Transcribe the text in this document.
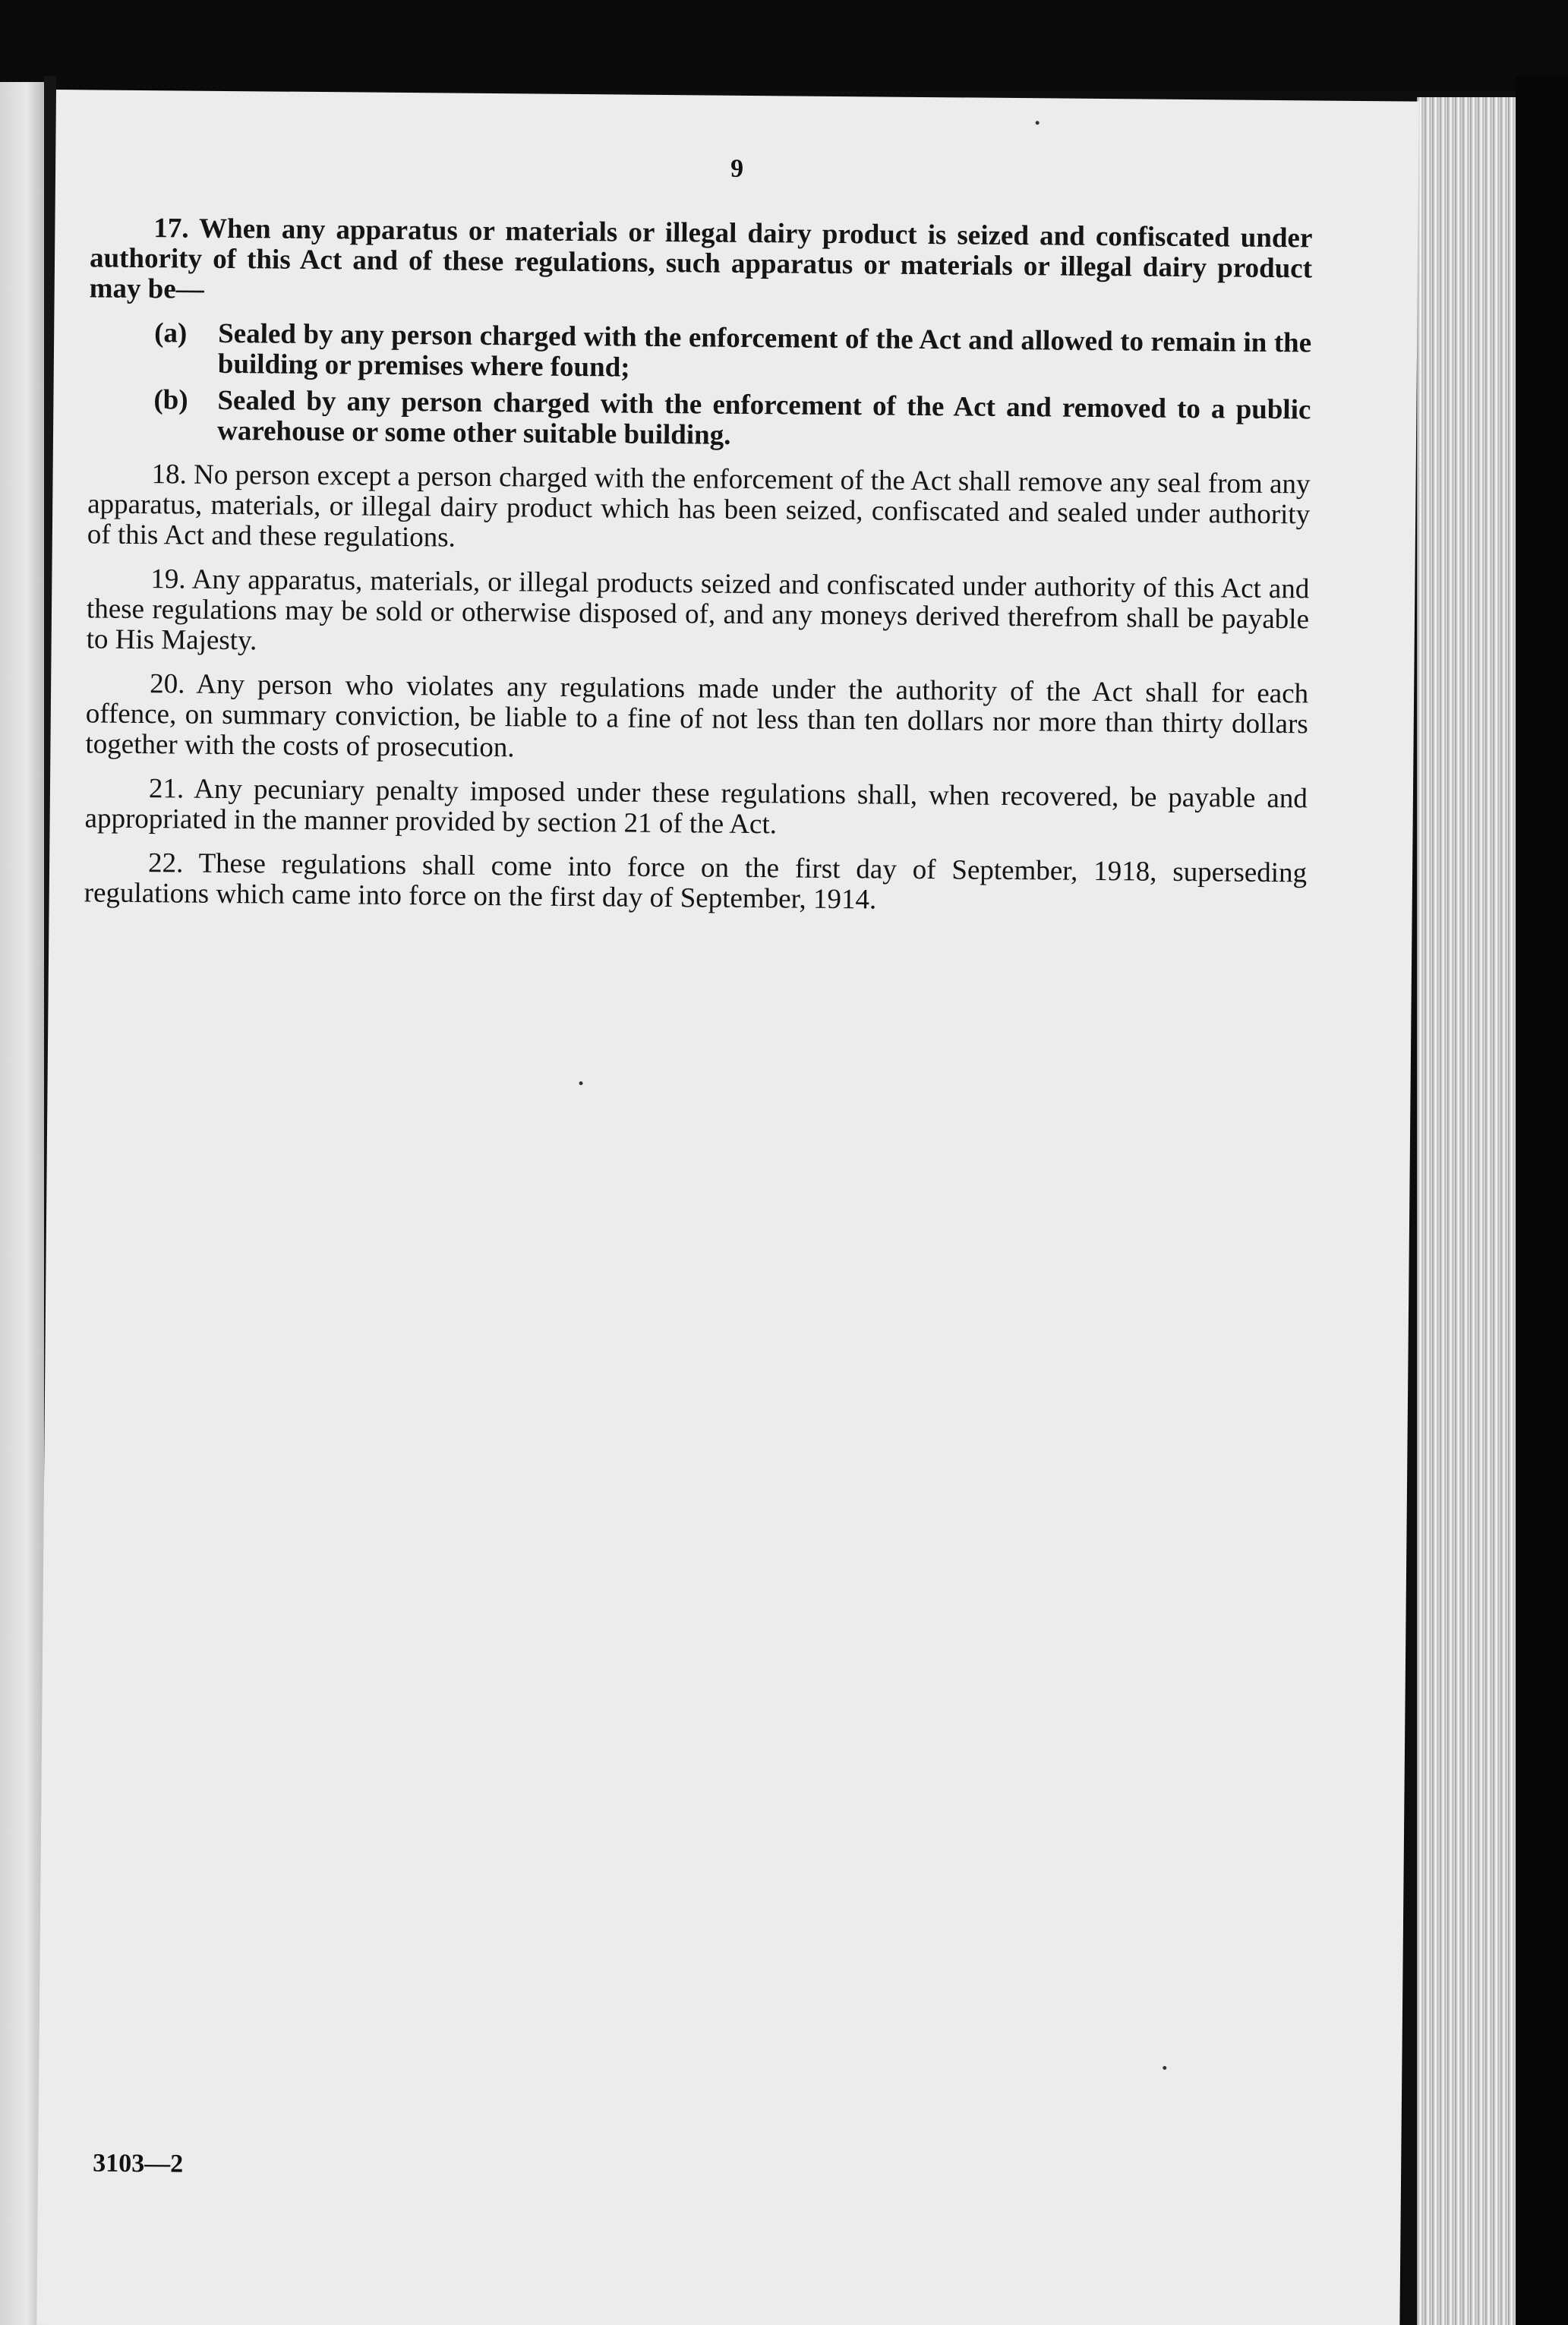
9

17. When any apparatus or materials or illegal dairy product is seized and confiscated under authority of this Act and of these regulations, such apparatus or materials or illegal dairy product may be—

(a) Sealed by any person charged with the enforcement of the Act and allowed to remain in the building or premises where found;

(b) Sealed by any person charged with the enforcement of the Act and removed to a public warehouse or some other suitable building.

18. No person except a person charged with the enforcement of the Act shall remove any seal from any apparatus, materials, or illegal dairy product which has been seized, confiscated and sealed under authority of this Act and these regulations.

19. Any apparatus, materials, or illegal products seized and confiscated under authority of this Act and these regulations may be sold or otherwise disposed of, and any moneys derived therefrom shall be payable to His Majesty.

20. Any person who violates any regulations made under the authority of the Act shall for each offence, on summary conviction, be liable to a fine of not less than ten dollars nor more than thirty dollars together with the costs of prosecution.

21. Any pecuniary penalty imposed under these regulations shall, when recovered, be payable and appropriated in the manner provided by section 21 of the Act.

22. These regulations shall come into force on the first day of September, 1918, superseding regulations which came into force on the first day of September, 1914.

3103—2
